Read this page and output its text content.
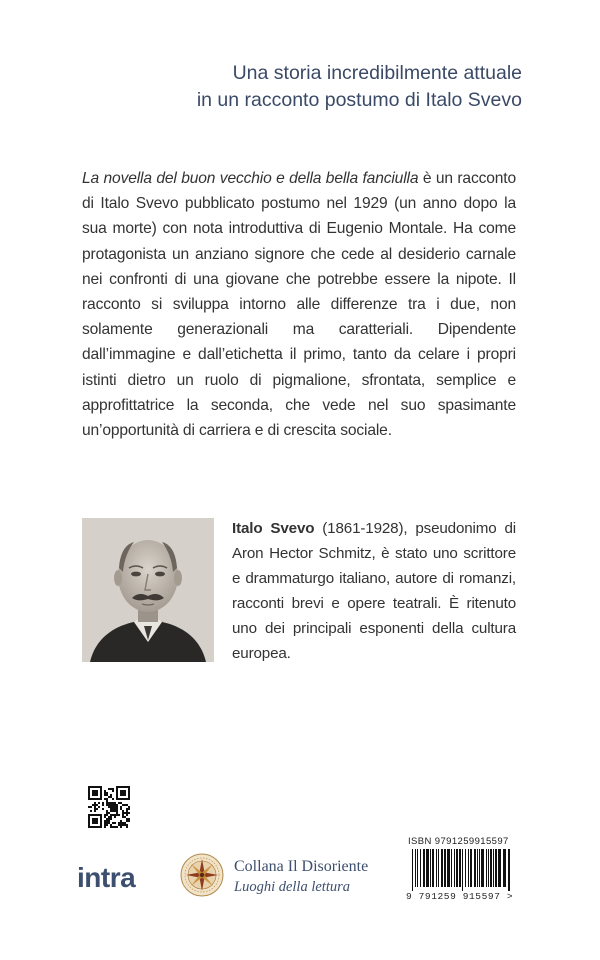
Una storia incredibilmente attuale
in un racconto postumo di Italo Svevo
La novella del buon vecchio e della bella fanciulla è un racconto di Italo Svevo pubblicato postumo nel 1929 (un anno dopo la sua morte) con nota introduttiva di Eugenio Montale. Ha come protagonista un anziano signore che cede al desiderio carnale nei confronti di una giovane che potrebbe essere la nipote. Il racconto si sviluppa intorno alle differenze tra i due, non solamente generazionali ma caratteriali. Dipendente dall’immagine e dall’etichetta il primo, tanto da celare i propri istinti dietro un ruolo di pigmalione, sfrontata, semplice e approfittatrice la seconda, che vede nel suo spasimante un’opportunità di carriera e di crescita sociale.
Italo Svevo (1861-1928), pseudonimo di Aron Hector Schmitz, è stato uno scrittore e drammaturgo italiano, autore di romanzi, racconti brevi e opere teatrali. È ritenuto uno dei principali esponenti della cultura europea.
intra	Collana Il Disoriente
Luoghi della lettura
ISBN 9791259915597
9 791259 915597 >
